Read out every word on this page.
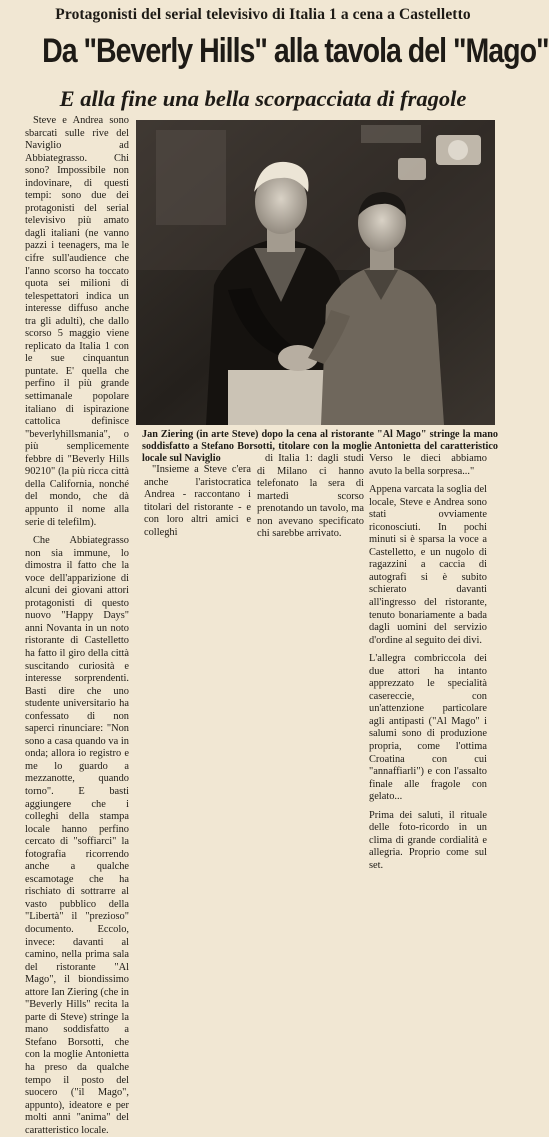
Protagonisti del serial televisivo di Italia 1 a cena a Castelletto
Da "Beverly Hills" alla tavola del "Mago"
E alla fine una bella scorpacciata di fragole

Steve e Andrea sono sbarcati sulle rive del Naviglio ad Abbiategrasso. Chi sono? Impossibile non indovinare, di questi tempi: sono due dei protagonisti del serial televisivo più amato dagli italiani (ne vanno pazzi i teenagers, ma le cifre sull'audience che l'anno scorso ha toccato quota sei milioni di telespettatori indica un interesse diffuso anche tra gli adulti), che dallo scorso 5 maggio viene replicato da Italia 1 con le sue cinquantun puntate. E' quella che perfino il più grande settimanale popolare italiano di ispirazione cattolica definisce "beverlyhillsmania", o più semplicemente febbre di "Beverly Hills 90210" (la più ricca città della California, nonché del mondo, che dà appunto il nome alla serie di telefilm).

Che Abbiategrasso non sia immune, lo dimostra il fatto che la voce dell'apparizione di alcuni dei giovani attori protagonisti di questo nuovo "Happy Days" anni Novanta in un noto ristorante di Castelletto ha fatto il giro della città suscitando curiosità e interesse sorprendenti. Basti dire che uno studente universitario ha confessato di non saperci rinunciare: "Non sono a casa quando va in onda; allora io registro e me lo guardo a mezzanotte, quando torno". E basti aggiungere che i colleghi della stampa locale hanno perfino cercato di "soffiarci" la fotografia ricorrendo anche a qualche escamotage che ha rischiato di sottrarre al vasto pubblico della "Libertà" il "prezioso" documento. Eccolo, invece: davanti al camino, nella prima sala del ristorante "Al Mago", il biondissimo attore Ian Ziering (che in "Beverly Hills" recita la parte di Steve) stringe la mano soddisfatto a Stefano Borsotti, che con la moglie Antonietta ha preso da qualche tempo il posto del suocero ("il Mago", appunto), ideatore e per molti anni "anima" del caratteristico locale.

Jan Ziering (in arte Steve) dopo la cena al ristorante "Al Mago" stringe la mano soddisfatto a Stefano Borsotti, titolare con la moglie Antonietta del caratteristico locale sul Naviglio

"Insieme a Steve c'era anche l'aristocratica Andrea - raccontano i titolari del ristorante - e con loro altri amici e colleghi

di Italia 1: dagli studi di Milano ci hanno telefonato la sera di martedì scorso prenotando un tavolo, ma non avevano specificato chi sarebbe arrivato.

Verso le dieci abbiamo avuto la bella sorpresa..."

Appena varcata la soglia del locale, Steve e Andrea sono stati ovviamente riconosciuti. In pochi minuti si è sparsa la voce a Castelletto, e un nugolo di ragazzini a caccia di autografi si è subito schierato davanti all'ingresso del ristorante, tenuto bonariamente a bada dagli uomini del servizio d'ordine al seguito dei divi.

L'allegra combriccola dei due attori ha intanto apprezzato le specialità casereccie, con un'attenzione particolare agli antipasti ("Al Mago" i salumi sono di produzione propria, come l'ottima Croatina con cui "annaffiarli") e con l'assalto finale alle fragole con gelato...

Prima dei saluti, il rituale delle foto-ricordo in un clima di grande cordialità e allegria. Proprio come sul set.
